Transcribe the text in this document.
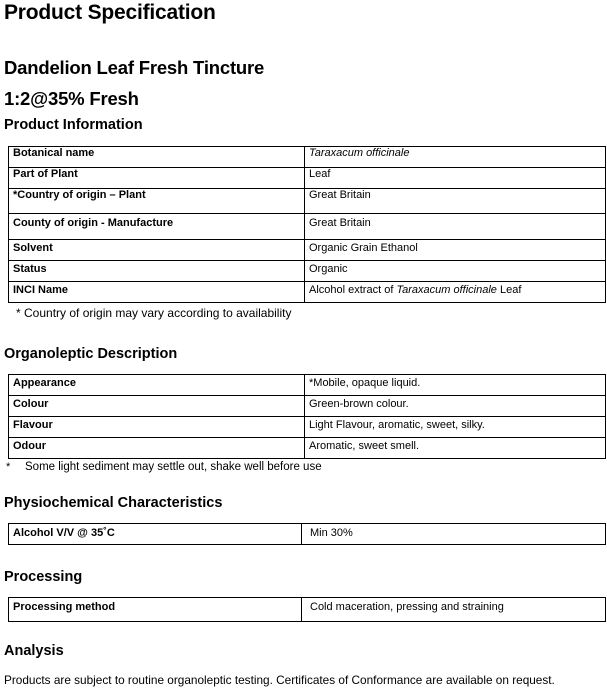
Product Specification
Dandelion Leaf Fresh Tincture
1:2@35% Fresh
Product Information
Botanical name	Taraxacum officinale
Part of Plant	Leaf
*Country of origin – Plant	Great Britain
County of origin - Manufacture	Great Britain
Solvent	Organic Grain Ethanol
Status	Organic
INCI Name	Alcohol extract of Taraxacum officinale Leaf
* Country of origin may vary according to availability
Organoleptic Description
Appearance	*Mobile, opaque liquid.
Colour	Green-brown colour.
Flavour	Light Flavour, aromatic, sweet, silky.
Odour	Aromatic, sweet smell.
* Some light sediment may settle out, shake well before use
Physiochemical Characteristics
Alcohol V/V @ 35˚C	Min 30%
Processing
Processing method	Cold maceration, pressing and straining
Analysis
Products are subject to routine organoleptic testing. Certificates of Conformance are available on request.
